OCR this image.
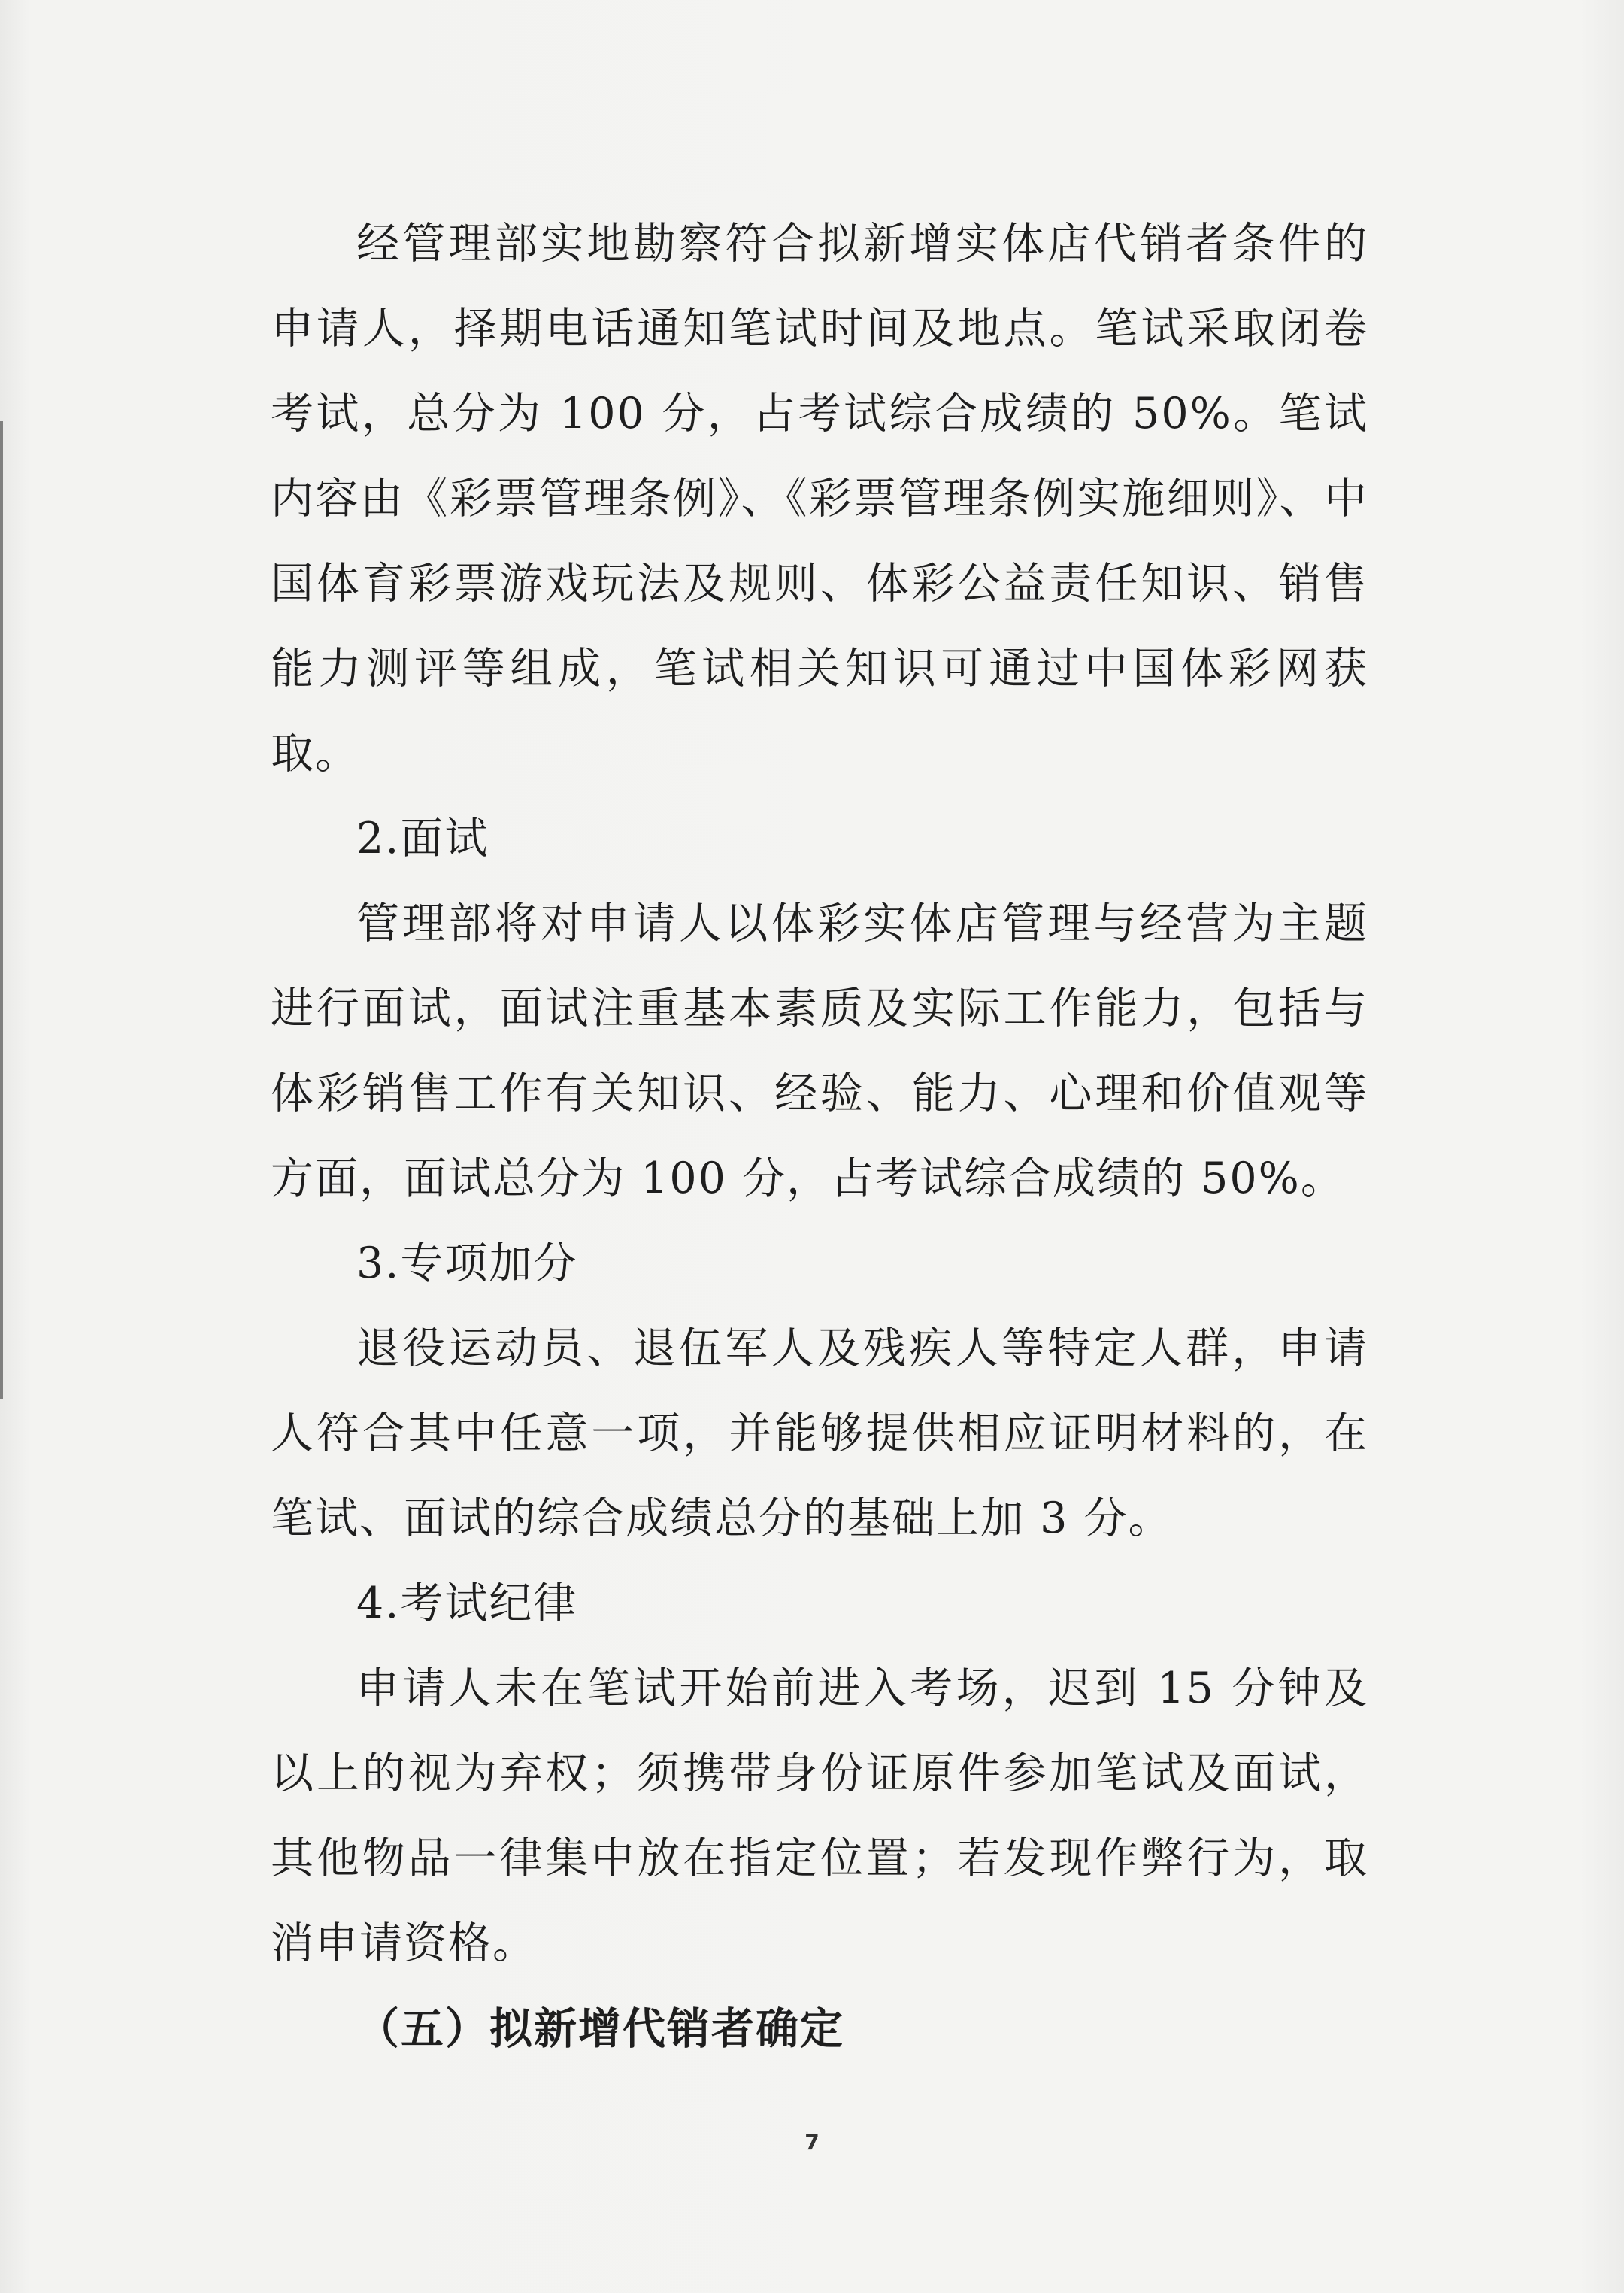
经管理部实地勘察符合拟新增实体店代销者条件的申请人，择期电话通知笔试时间及地点。笔试采取闭卷考试，总分为 100 分，占考试综合成绩的 50%。笔试内容由《彩票管理条例》、《彩票管理条例实施细则》、中国体育彩票游戏玩法及规则、体彩公益责任知识、销售能力测评等组成，笔试相关知识可通过中国体彩网获取。

2.面试

管理部将对申请人以体彩实体店管理与经营为主题进行面试，面试注重基本素质及实际工作能力，包括与体彩销售工作有关知识、经验、能力、心理和价值观等方面，面试总分为 100 分，占考试综合成绩的 50%。

3.专项加分

退役运动员、退伍军人及残疾人等特定人群，申请人符合其中任意一项，并能够提供相应证明材料的，在笔试、面试的综合成绩总分的基础上加 3 分。

4.考试纪律

申请人未在笔试开始前进入考场，迟到 15 分钟及以上的视为弃权；须携带身份证原件参加笔试及面试，其他物品一律集中放在指定位置；若发现作弊行为，取消申请资格。

（五）拟新增代销者确定

7
